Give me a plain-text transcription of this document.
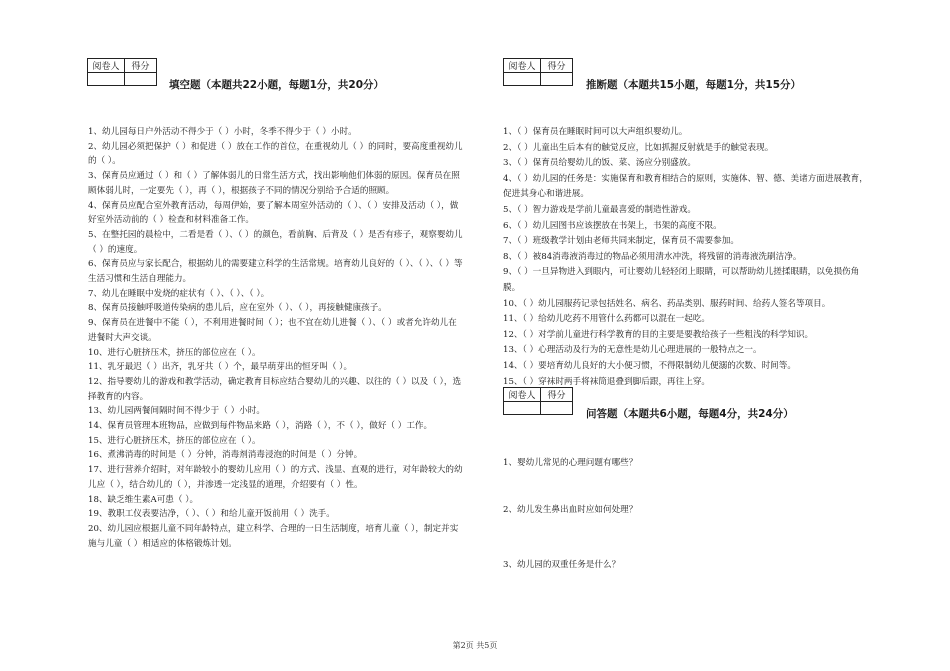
阅卷人	得分

填空题（本题共22小题，每题1分，共20分）
1、幼儿园每日户外活动不得少于（ ）小时，冬季不得少于（ ）小时。
2、幼儿园必须把保护（ ）和促进（ ）放在工作的首位，在重视幼儿（ ）的同时，要高度重视幼儿的（ ）。
3、保育员应通过（ ）和（ ）了解体弱儿的日常生活方式，找出影响他们体弱的原因。保育员在照顾体弱儿时，一定要先（ ），再（ ），根据孩子不同的情况分别给予合适的照顾。
4、保育员应配合室外教育活动，每周伊始，要了解本周室外活动的（ ）、（ ）安排及活动（ ），做好室外活动前的（ ）检查和材料准备工作。
5、在整托园的晨检中，二看是看（ ）、（ ）的颜色，看前胸、后背及（ ）是否有疹子，观察婴幼儿（ ）的速度。
6、保育员应与家长配合，根据幼儿的需要建立科学的生活常规。培育幼儿良好的（ ）、（ ）、（ ）等生活习惯和生活自理能力。
7、幼儿在睡眠中发烧的症状有（ ）、（ ）、（ ）。
8、保育员接触呼吸道传染病的患儿后，应在室外（ ）、（ ），再接触健康孩子。
9、保育员在进餐中不能（ ），不利用进餐时间（ ）；也不宜在幼儿进餐（ ）、（ ）或者允许幼儿在进餐时大声交谈。
10、进行心脏挤压术，挤压的部位应在（ ）。
11、乳牙最迟（ ）出齐，乳牙共（ ）个，最早萌芽出的恒牙叫（ ）。
12、指导婴幼儿的游戏和教学活动，确定教育目标应结合婴幼儿的兴趣、以往的（ ）以及（ ），选择教育的内容。
13、幼儿园两餐间隔时间不得少于（ ）小时。
14、保育员管理本班物品，应做到每件物品来路（ ），消路（ ），不（ ），做好（ ）工作。
15、进行心脏挤压术，挤压的部位应在（ ）。
16、煮沸消毒的时间是（ ）分钟，消毒剂消毒浸泡的时间是（ ）分钟。
17、进行营养介绍时，对年龄较小的婴幼儿应用（ ）的方式、浅显、直观的进行，对年龄较大的幼儿应（ ），结合幼儿的（ ），并渗透一定浅显的道理，介绍要有（ ）性。
18、缺乏维生素A可患（ ）。
19、教职工仪表要洁净，（ ）、（ ）和给儿童开饭前用（ ）洗手。
20、幼儿园应根据儿童不同年龄特点，建立科学、合理的一日生活制度，培育儿童（ ），制定并实施与儿童（ ）相适应的体格锻炼计划。
阅卷人	得分

推断题（本题共15小题，每题1分，共15分）
1、（ ）保育员在睡眠时间可以大声组织婴幼儿。
2、（ ）儿童出生后本有的触觉反应，比如抓握反射就是手的触觉表现。
3、（ ）保育员给婴幼儿的饭、菜、汤应分别盛放。
4、（ ）幼儿园的任务是：实施保育和教育相结合的原则，实施体、智、德、美诸方面进展教育，促进其身心和谐进展。
5、（ ）智力游戏是学前儿童最喜爱的制造性游戏。
6、（ ）幼儿园图书应该摆放在书架上，书架的高度不限。
7、（ ）班级教学计划由老师共同来制定，保育员不需要参加。
8、（ ）被84消毒液消毒过的物品必须用清水冲洗，将残留的消毒液洗刷洁净。
9、（ ）一旦异物进入到眼内，可让婴幼儿轻轻闭上眼睛，可以帮助幼儿搓揉眼睛，以免损伤角膜。
10、（ ）幼儿园服药记录包括姓名、病名、药品类别、服药时间、给药人签名等项目。
11、（ ）给幼儿吃药不用管什么药都可以混在一起吃。
12、（ ）对学前儿童进行科学教育的目的主要是要教给孩子一些粗浅的科学知识。
13、（ ）心理活动及行为的无意性是幼儿心理进展的一般特点之一。
14、（ ）要培育幼儿良好的大小便习惯，不得限制幼儿便溺的次数、时间等。
15、（ ）穿袜时两手将袜筒退叠到脚后跟，再往上穿。
阅卷人	得分

问答题（本题共6小题，每题4分，共24分）
1、婴幼儿常见的心理问题有哪些？
2、幼儿发生鼻出血时应如何处理？
3、幼儿园的双重任务是什么？
第2页 共5页
